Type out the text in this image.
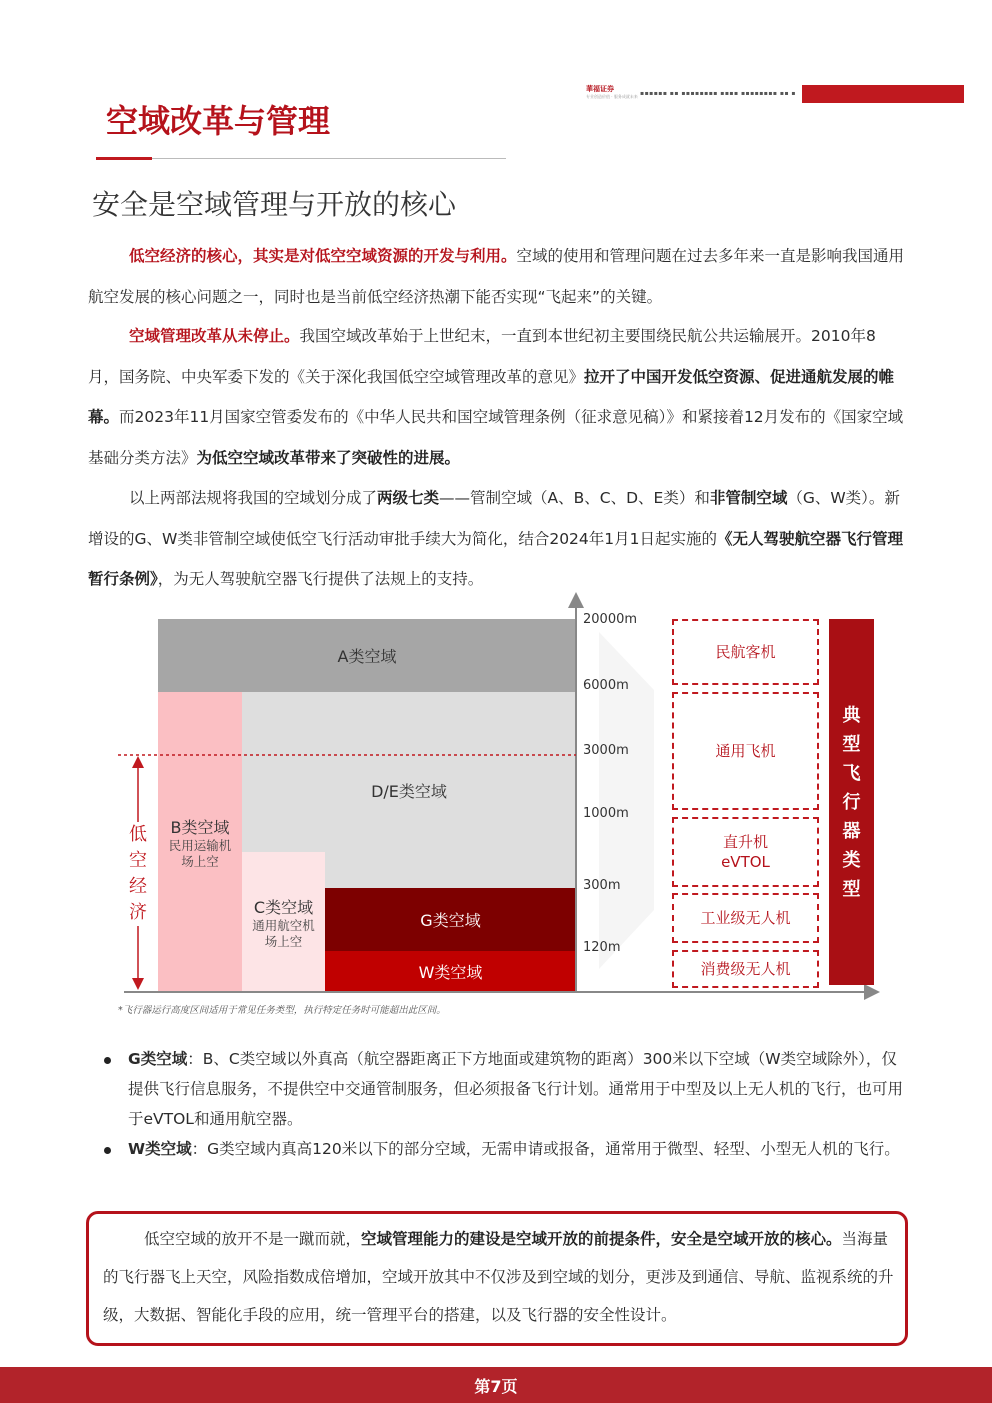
華福证券
专业创造价值 · 服务成就未来 ▪▪▪▪▪▪ ▪▪ ▪▪▪▪▪▪▪▪ ▪▪▪▪ ▪▪▪▪▪▪▪▪ ▪▪ ▪
空域改革与管理
安全是空域管理与开放的核心
低空经济的核心，其实是对低空空域资源的开发与利用。空域的使用和管理问题在过去多年来一直是影响我国通用航空发展的核心问题之一，同时也是当前低空经济热潮下能否实现“飞起来”的关键。
空域管理改革从未停止。我国空域改革始于上世纪末，一直到本世纪初主要围绕民航公共运输展开。2010年8月，国务院、中央军委下发的《关于深化我国低空空域管理改革的意见》拉开了中国开发低空资源、促进通航发展的帷幕。而2023年11月国家空管委发布的《中华人民共和国空域管理条例（征求意见稿）》和紧接着12月发布的《国家空域基础分类方法》为低空空域改革带来了突破性的进展。
以上两部法规将我国的空域划分成了两级七类——管制空域（A、B、C、D、E类）和非管制空域（G、W类）。新增设的G、W类非管制空域使低空飞行活动审批手续大为简化，结合2024年1月1日起实施的《无人驾驶航空器飞行管理暂行条例》，为无人驾驶航空器飞行提供了法规上的支持。
A类空域
D/E类空域
B类空域
民用运输机场上空
C类空域
通用航空机场上空
G类空域
W类空域
20000m
6000m
3000m
1000m
300m
120m
低
空
经
济
民航客机
通用飞机
直升机
eVTOL
工业级无人机
消费级无人机
典
型
飞
行
器
类
型
*飞行器运行高度区间适用于常见任务类型，执行特定任务时可能超出此区间。
G类空域：B、C类空域以外真高（航空器距离正下方地面或建筑物的距离）300米以下空域（W类空域除外），仅提供飞行信息服务，不提供空中交通管制服务，但必须报备飞行计划。通常用于中型及以上无人机的飞行，也可用于eVTOL和通用航空器。
W类空域：G类空域内真高120米以下的部分空域，无需申请或报备，通常用于微型、轻型、小型无人机的飞行。
低空空域的放开不是一蹴而就，空域管理能力的建设是空域开放的前提条件，安全是空域开放的核心。当海量的飞行器飞上天空，风险指数成倍增加，空域开放其中不仅涉及到空域的划分，更涉及到通信、导航、监视系统的升级，大数据、智能化手段的应用，统一管理平台的搭建，以及飞行器的安全性设计。
第7页
